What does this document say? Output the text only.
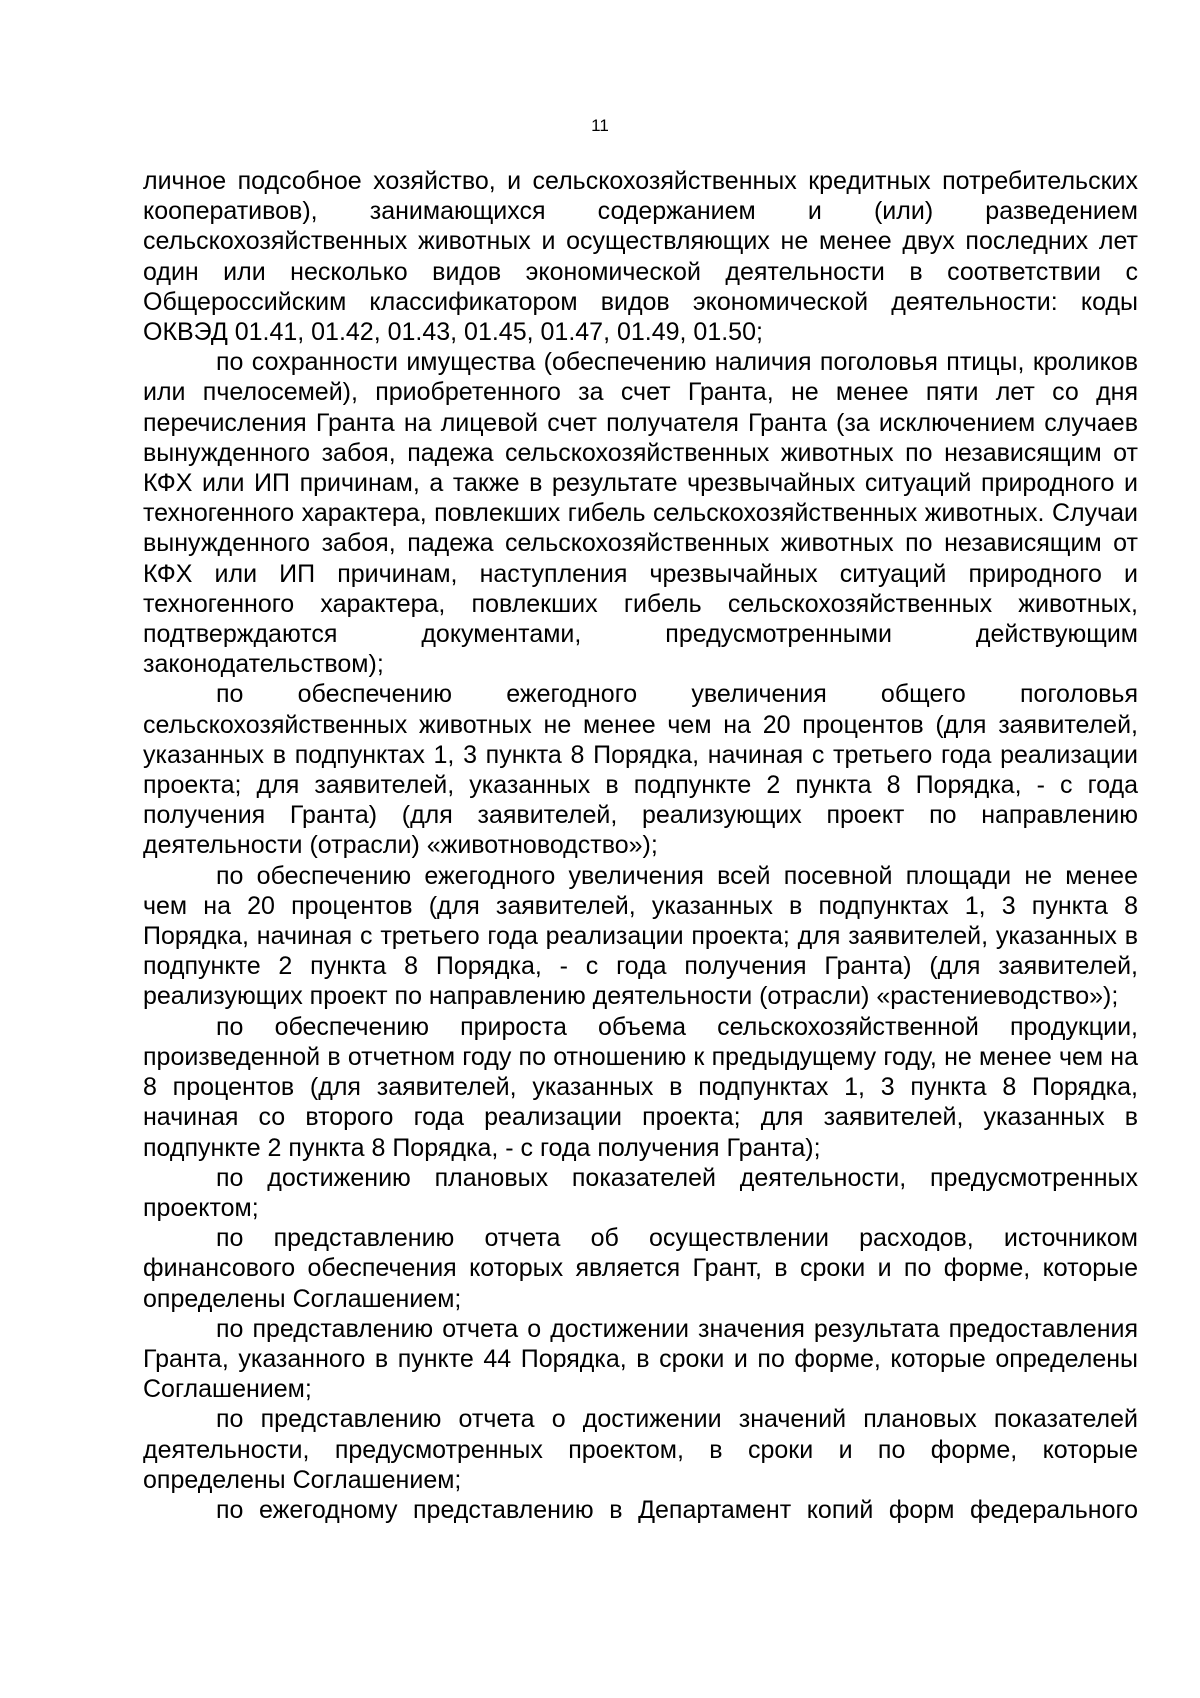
11

личное подсобное хозяйство, и сельскохозяйственных кредитных потребительских кооперативов), занимающихся содержанием и (или) разведением сельскохозяйственных животных и осуществляющих не менее двух последних лет один или несколько видов экономической деятельности в соответствии с Общероссийским классификатором видов экономической деятельности: коды ОКВЭД 01.41, 01.42, 01.43, 01.45, 01.47, 01.49, 01.50;

по сохранности имущества (обеспечению наличия поголовья птицы, кроликов или пчелосемей), приобретенного за счет Гранта, не менее пяти лет со дня перечисления Гранта на лицевой счет получателя Гранта (за исключением случаев вынужденного забоя, падежа сельскохозяйственных животных по независящим от КФХ или ИП причинам, а также в результате чрезвычайных ситуаций природного и техногенного характера, повлекших гибель сельскохозяйственных животных. Случаи вынужденного забоя, падежа сельскохозяйственных животных по независящим от КФХ или ИП причинам, наступления чрезвычайных ситуаций природного и техногенного характера, повлекших гибель сельскохозяйственных животных, подтверждаются документами, предусмотренными действующим законодательством);

по обеспечению ежегодного увеличения общего поголовья сельскохозяйственных животных не менее чем на 20 процентов (для заявителей, указанных в подпунктах 1, 3 пункта 8 Порядка, начиная с третьего года реализации проекта; для заявителей, указанных в подпункте 2 пункта 8 Порядка, - с года получения Гранта) (для заявителей, реализующих проект по направлению деятельности (отрасли) «животноводство»);

по обеспечению ежегодного увеличения всей посевной площади не менее чем на 20 процентов (для заявителей, указанных в подпунктах 1, 3 пункта 8 Порядка, начиная с третьего года реализации проекта; для заявителей, указанных в подпункте 2 пункта 8 Порядка, - с года получения Гранта) (для заявителей, реализующих проект по направлению деятельности (отрасли) «растениеводство»);

по обеспечению прироста объема сельскохозяйственной продукции, произведенной в отчетном году по отношению к предыдущему году, не менее чем на 8 процентов (для заявителей, указанных в подпунктах 1, 3 пункта 8 Порядка, начиная со второго года реализации проекта; для заявителей, указанных в подпункте 2 пункта 8 Порядка, - с года получения Гранта);

по достижению плановых показателей деятельности, предусмотренных проектом;

по представлению отчета об осуществлении расходов, источником финансового обеспечения которых является Грант, в сроки и по форме, которые определены Соглашением;

по представлению отчета о достижении значения результата предоставления Гранта, указанного в пункте 44 Порядка, в сроки и по форме, которые определены Соглашением;

по представлению отчета о достижении значений плановых показателей деятельности, предусмотренных проектом, в сроки и по форме, которые определены Соглашением;

по ежегодному представлению в Департамент копий форм федерального
